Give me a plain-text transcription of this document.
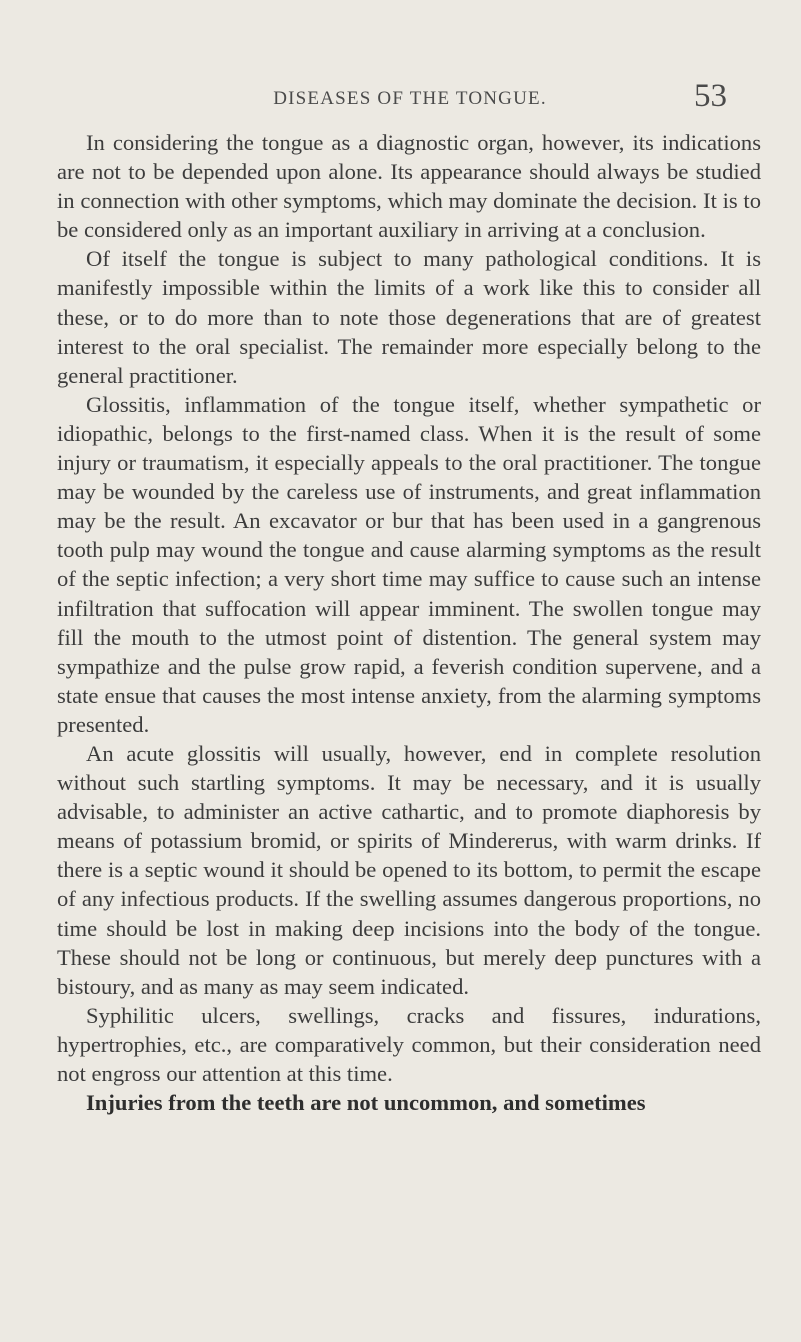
DISEASES OF THE TONGUE.	53

In considering the tongue as a diagnostic organ, however, its indications are not to be depended upon alone. Its appearance should always be studied in connection with other symptoms, which may dominate the decision. It is to be considered only as an important auxiliary in arriving at a conclusion.

Of itself the tongue is subject to many pathological conditions. It is manifestly impossible within the limits of a work like this to consider all these, or to do more than to note those degenerations that are of greatest interest to the oral specialist. The remainder more especially belong to the general practitioner.

Glossitis, inflammation of the tongue itself, whether sympathetic or idiopathic, belongs to the first-named class. When it is the result of some injury or traumatism, it especially appeals to the oral practitioner. The tongue may be wounded by the careless use of instruments, and great inflammation may be the result. An excavator or bur that has been used in a gangrenous tooth pulp may wound the tongue and cause alarming symptoms as the result of the septic infection; a very short time may suffice to cause such an intense infiltration that suffocation will appear imminent. The swollen tongue may fill the mouth to the utmost point of distention. The general system may sympathize and the pulse grow rapid, a feverish condition supervene, and a state ensue that causes the most intense anxiety, from the alarming symptoms presented.

An acute glossitis will usually, however, end in complete resolution without such startling symptoms. It may be necessary, and it is usually advisable, to administer an active cathartic, and to promote diaphoresis by means of potassium bromid, or spirits of Mindererus, with warm drinks. If there is a septic wound it should be opened to its bottom, to permit the escape of any infectious products. If the swelling assumes dangerous proportions, no time should be lost in making deep incisions into the body of the tongue. These should not be long or continuous, but merely deep punctures with a bistoury, and as many as may seem indicated.

Syphilitic ulcers, swellings, cracks and fissures, indurations, hypertrophies, etc., are comparatively common, but their consideration need not engross our attention at this time.

Injuries from the teeth are not uncommon, and sometimes
